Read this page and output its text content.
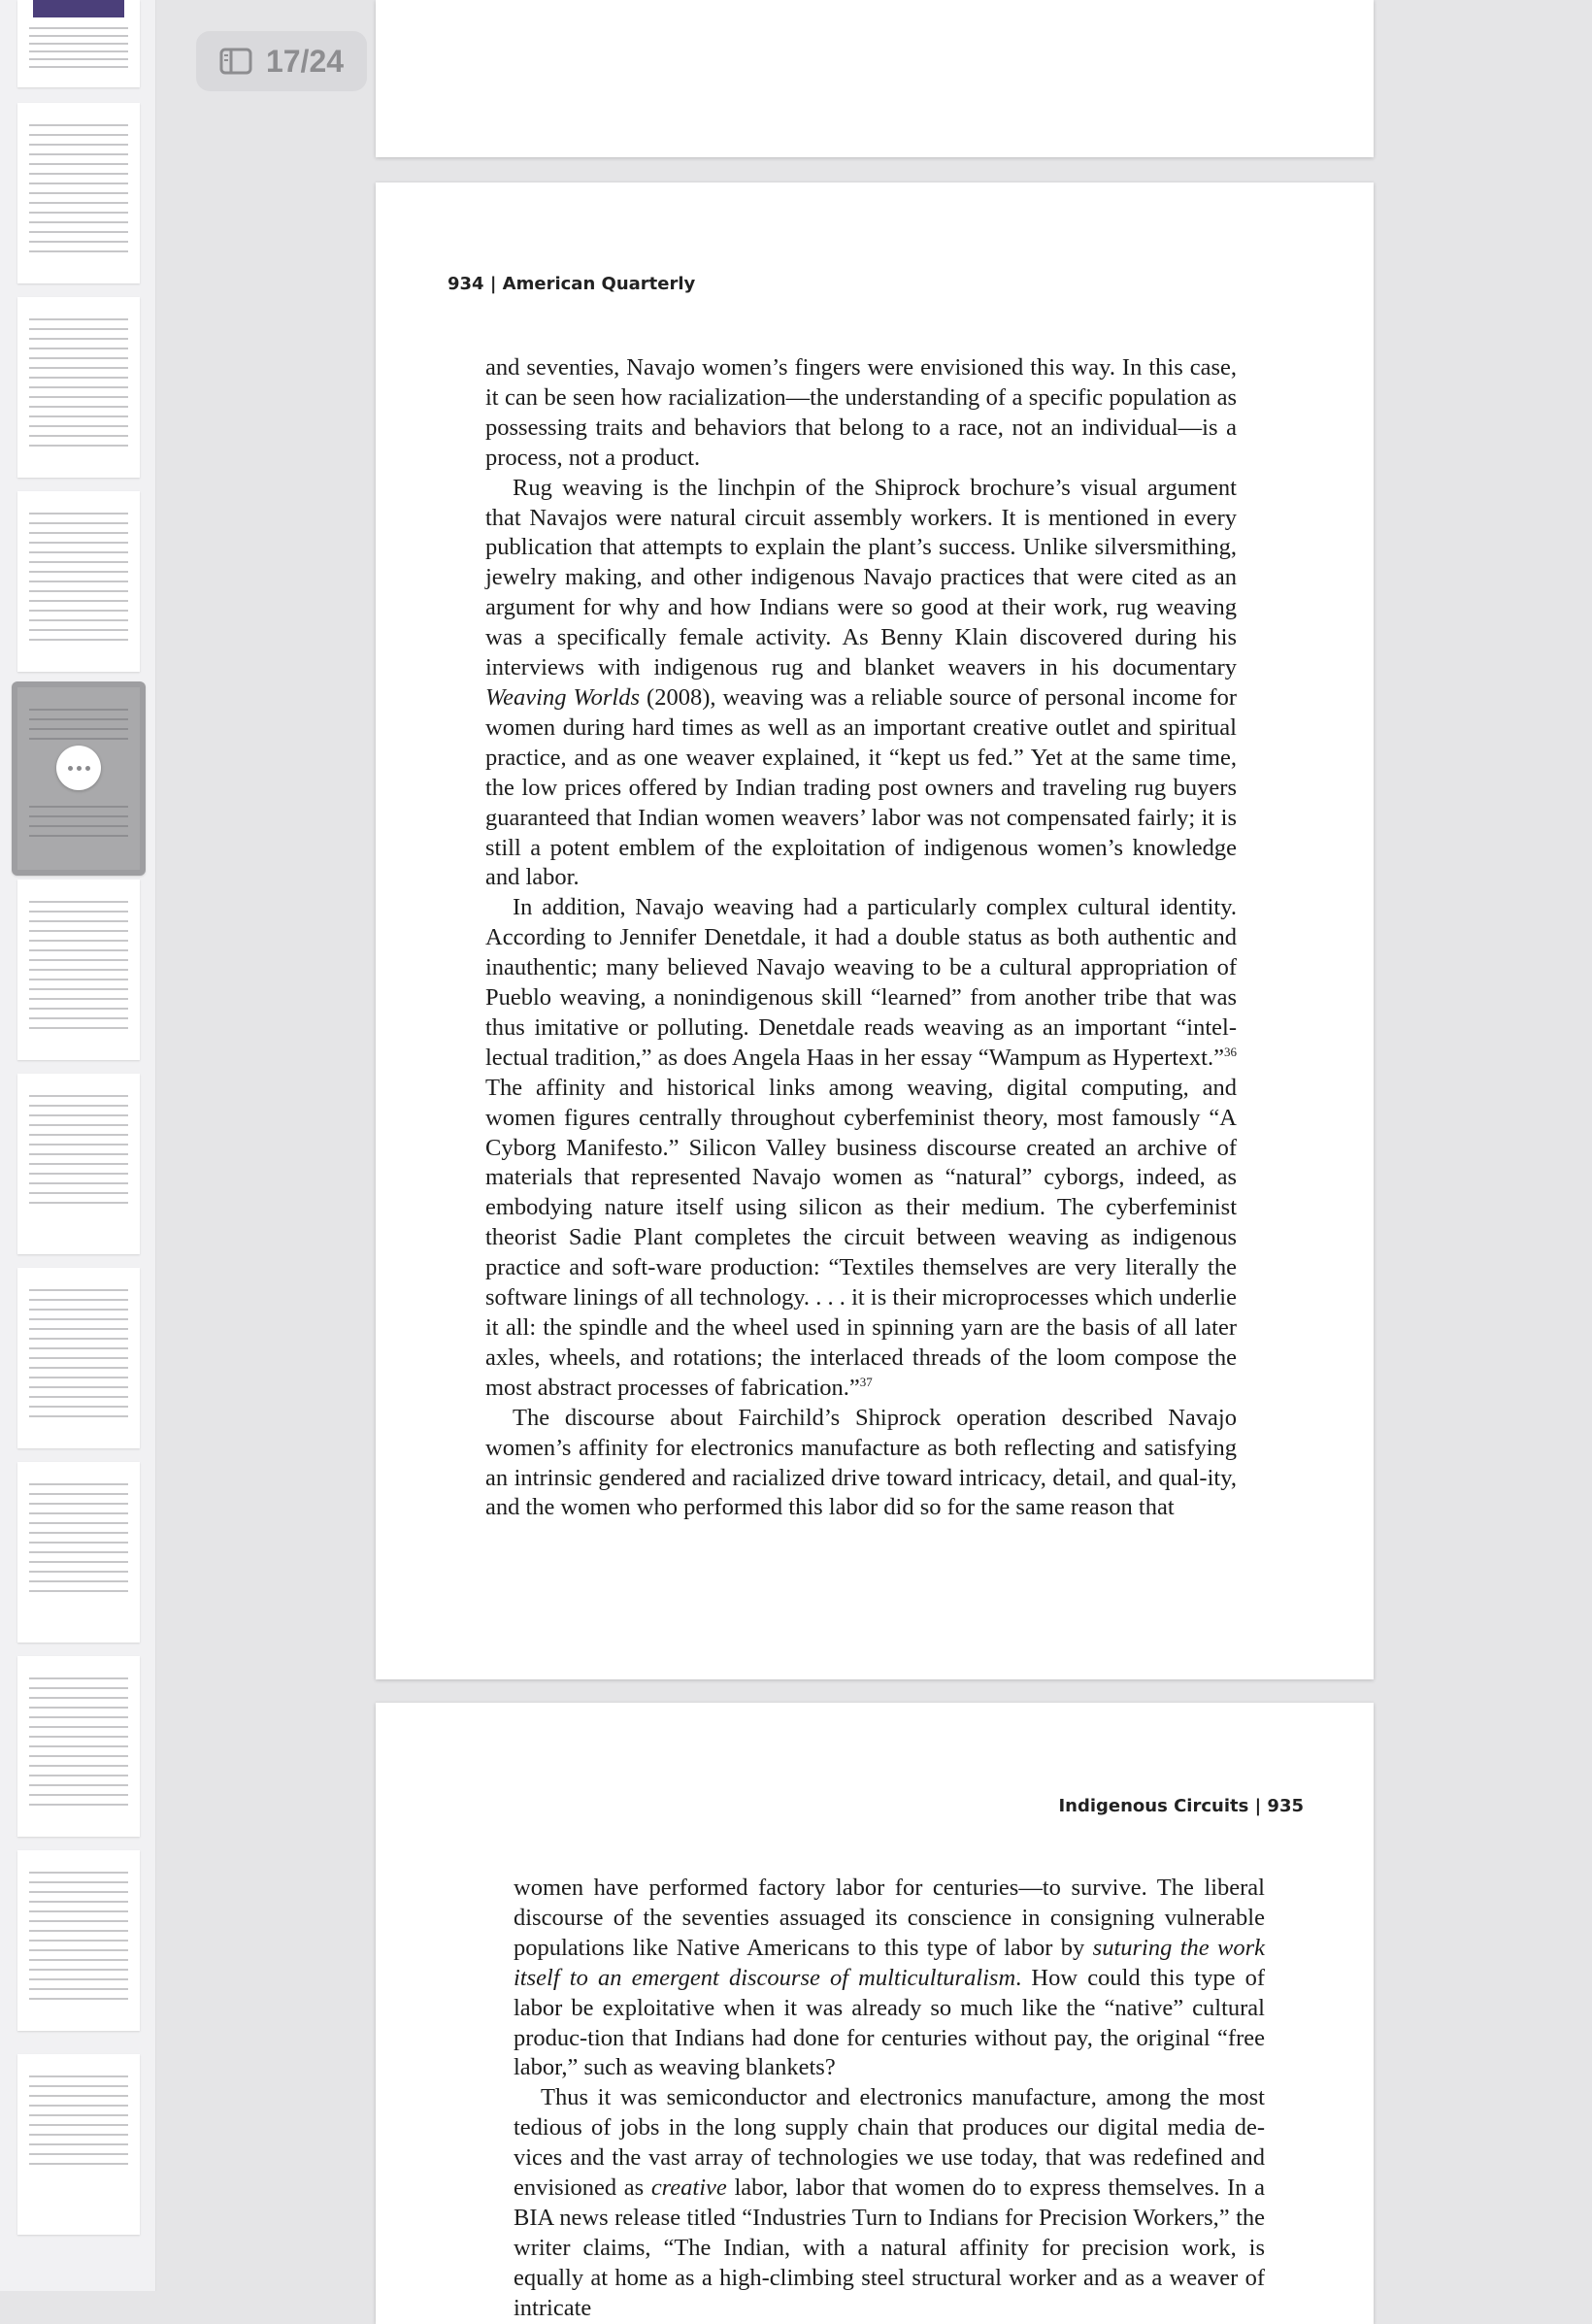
17/24
934 | American Quarterly

and seventies, Navajo women’s fingers were envisioned this way. In this case, it can be seen how racialization—the understanding of a specific population as possessing traits and behaviors that belong to a race, not an individual—is a process, not a product.

Rug weaving is the linchpin of the Shiprock brochure’s visual argument that Navajos were natural circuit assembly workers. It is mentioned in every publication that attempts to explain the plant’s success. Unlike silversmithing, jewelry making, and other indigenous Navajo practices that were cited as an argument for why and how Indians were so good at their work, rug weaving was a specifically female activity. As Benny Klain discovered during his interviews with indigenous rug and blanket weavers in his documentary Weaving Worlds (2008), weaving was a reliable source of personal income for women during hard times as well as an important creative outlet and spiritual practice, and as one weaver explained, it “kept us fed.” Yet at the same time, the low prices offered by Indian trading post owners and traveling rug buyers guaranteed that Indian women weavers’ labor was not compensated fairly; it is still a potent emblem of the exploitation of indigenous women’s knowledge and labor.

In addition, Navajo weaving had a particularly complex cultural identity. According to Jennifer Denetdale, it had a double status as both authentic and inauthentic; many believed Navajo weaving to be a cultural appropriation of Pueblo weaving, a nonindigenous skill “learned” from another tribe that was thus imitative or polluting. Denetdale reads weaving as an important “intel-lectual tradition,” as does Angela Haas in her essay “Wampum as Hypertext.”$^{36}$ The affinity and historical links among weaving, digital computing, and women figures centrally throughout cyberfeminist theory, most famously “A Cyborg Manifesto.” Silicon Valley business discourse created an archive of materials that represented Navajo women as “natural” cyborgs, indeed, as embodying nature itself using silicon as their medium. The cyberfeminist theorist Sadie Plant completes the circuit between weaving as indigenous practice and soft-ware production: “Textiles themselves are very literally the software linings of all technology. . . . it is their microprocesses which underlie it all: the spindle and the wheel used in spinning yarn are the basis of all later axles, wheels, and rotations; the interlaced threads of the loom compose the most abstract processes of fabrication.”$^{37}$

The discourse about Fairchild’s Shiprock operation described Navajo women’s affinity for electronics manufacture as both reflecting and satisfying an intrinsic gendered and racialized drive toward intricacy, detail, and qual-ity, and the women who performed this labor did so for the same reason that

Indigenous Circuits | 935

women have performed factory labor for centuries—to survive. The liberal discourse of the seventies assuaged its conscience in consigning vulnerable populations like Native Americans to this type of labor by suturing the work itself to an emergent discourse of multiculturalism. How could this type of labor be exploitative when it was already so much like the “native” cultural produc-tion that Indians had done for centuries without pay, the original “free labor,” such as weaving blankets?

Thus it was semiconductor and electronics manufacture, among the most tedious of jobs in the long supply chain that produces our digital media de-vices and the vast array of technologies we use today, that was redefined and envisioned as creative labor, labor that women do to express themselves. In a BIA news release titled “Industries Turn to Indians for Precision Workers,” the writer claims, “The Indian, with a natural affinity for precision work, is equally at home as a high-climbing steel structural worker and as a weaver of intricate
